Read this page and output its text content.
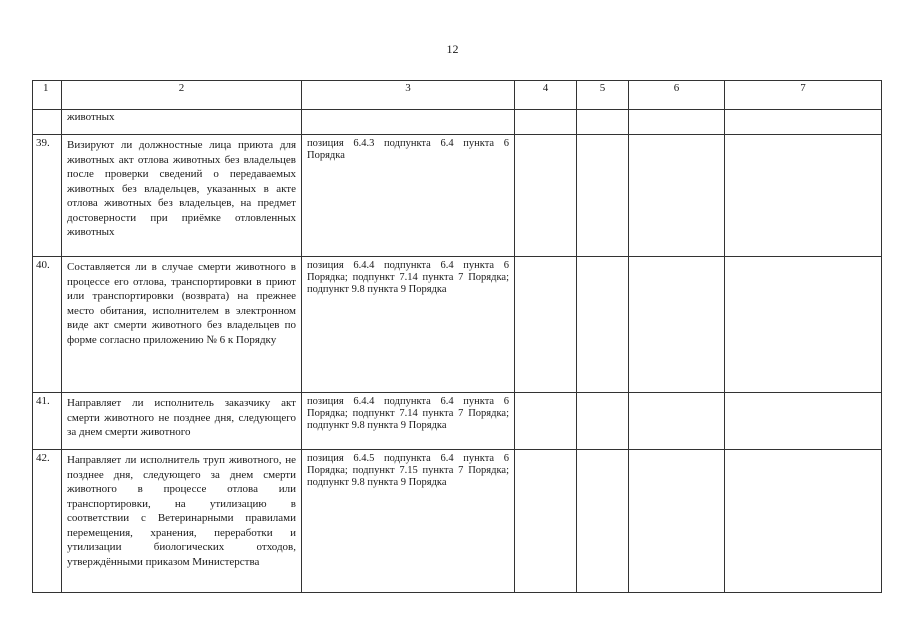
12
1	2	3	4	5	6	7
	животных					
39.	Визируют ли должностные лица приюта для животных акт отлова животных без владельцев после проверки сведений о передаваемых животных без владельцев, указанных в акте отлова животных без владельцев, на предмет достоверности при приёмке отловленных животных	позиция 6.4.3 подпункта 6.4 пункта 6 Порядка				
40.	Составляется ли в случае смерти животного в процессе его отлова, транспортировки в приют или транспортировки (возврата) на прежнее место обитания, исполнителем в электронном виде акт смерти животного без владельцев по форме согласно приложению № 6 к Порядку	позиция 6.4.4 подпункта 6.4 пункта 6 Порядка; подпункт 7.14 пункта 7 Порядка; подпункт 9.8 пункта 9 Порядка				
41.	Направляет ли исполнитель заказчику акт смерти животного не позднее дня, следующего за днем смерти животного	позиция 6.4.4 подпункта 6.4 пункта 6 Порядка; подпункт 7.14 пункта 7 Порядка; подпункт 9.8 пункта 9 Порядка				
42.	Направляет ли исполнитель труп животного, не позднее дня, следующего за днем смерти животного в процессе отлова или транспортировки, на утилизацию в соответствии с Ветеринарными правилами перемещения, хранения, переработки и утилизации биологических отходов, утверждёнными приказом Министерства	позиция 6.4.5 подпункта 6.4 пункта 6 Порядка; подпункт 7.15 пункта 7 Порядка; подпункт 9.8 пункта 9 Порядка				
